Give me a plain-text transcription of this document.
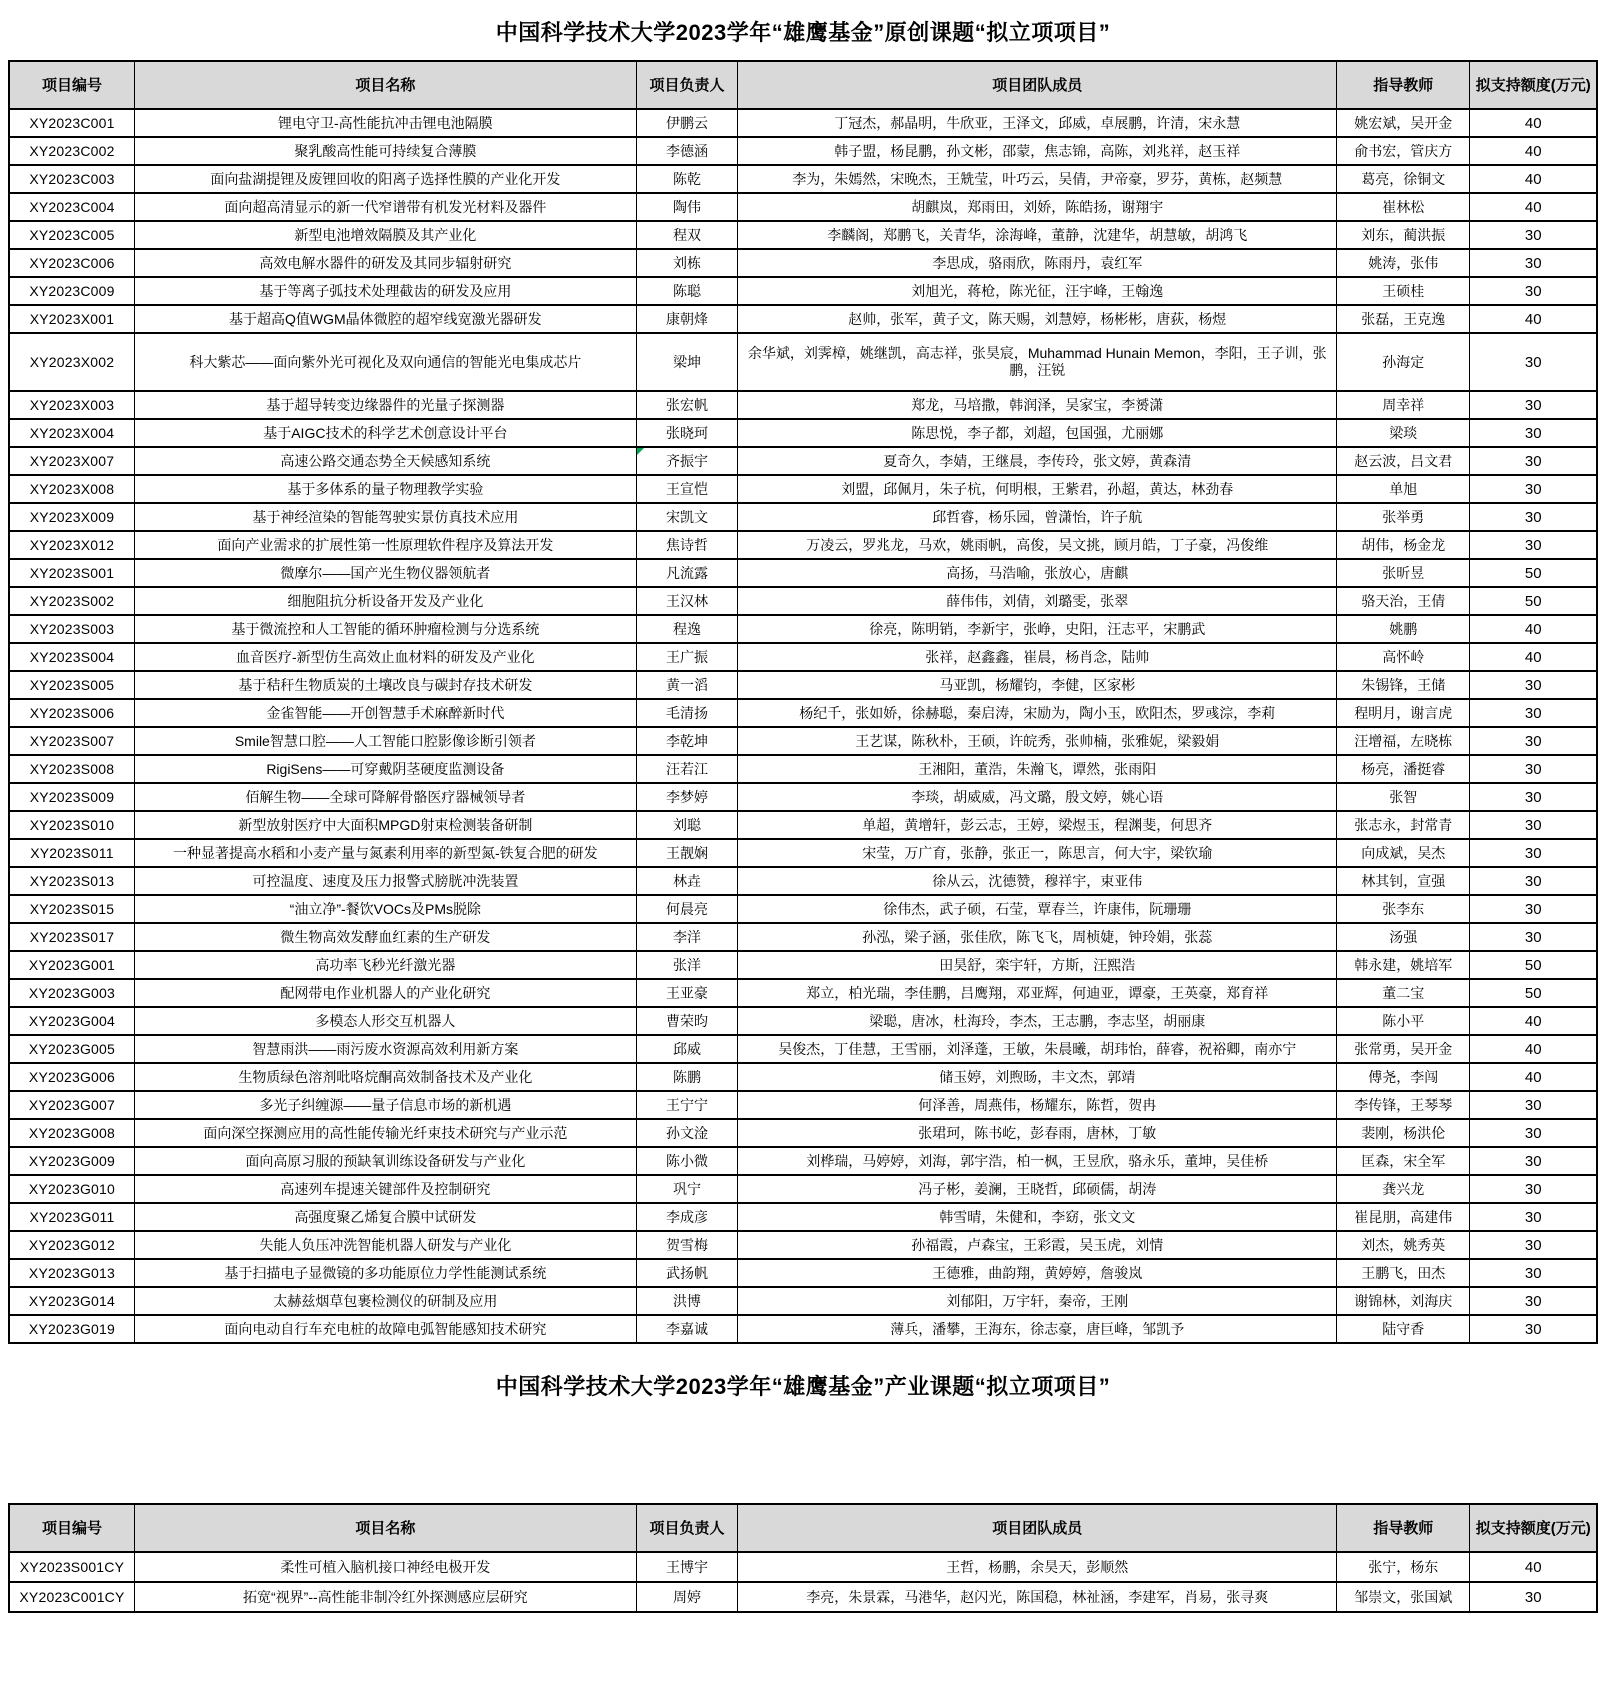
中国科学技术大学2023学年“雄鹰基金”原创课题“拟立项项目”
项目编号	项目名称	项目负责人	项目团队成员	指导教师	拟支持额度(万元)
XY2023C001	锂电守卫-高性能抗冲击锂电池隔膜	伊鹏云	丁冠杰，郝晶明，牛欣亚，王泽文，邱威，卓展鹏，许清，宋永慧	姚宏斌，吴开金	40
XY2023C002	聚乳酸高性能可持续复合薄膜	李德涵	韩子盟，杨昆鹏，孙文彬，邵蒙，焦志锦，高陈，刘兆祥，赵玉祥	俞书宏，管庆方	40
XY2023C003	面向盐湖提锂及废锂回收的阳离子选择性膜的产业化开发	陈乾	李为，朱嫣然，宋晚杰，王兟莹，叶巧云，吴倩，尹帝豪，罗芬，黄栋，赵频慧	葛亮，徐铜文	40
XY2023C004	面向超高清显示的新一代窄谱带有机发光材料及器件	陶伟	胡麒岚，郑雨田，刘娇，陈皓扬，谢翔宇	崔林松	40
XY2023C005	新型电池增效隔膜及其产业化	程双	李麟阁，郑鹏飞，关青华，涂海峰，董静，沈建华，胡慧敏，胡鸿飞	刘东，蔺洪振	30
XY2023C006	高效电解水器件的研发及其同步辐射研究	刘栋	李思成，骆雨欣，陈雨丹，袁红军	姚涛，张伟	30
XY2023C009	基于等离子弧技术处理截齿的研发及应用	陈聪	刘旭光，蒋枪，陈光征，汪宇峰，王翰逸	王硕桂	30
XY2023X001	基于超高Q值WGM晶体微腔的超窄线宽激光器研发	康朝烽	赵帅，张军，黄子文，陈天赐，刘慧婷，杨彬彬，唐荻，杨煜	张磊，王克逸	40
XY2023X002	科大紫芯——面向紫外光可视化及双向通信的智能光电集成芯片	梁坤	余华斌，刘霁樟，姚继凯，高志祥，张昊宸，Muhammad Hunain Memon，李阳，王子训，张鹏，汪锐	孙海定	30
XY2023X003	基于超导转变边缘器件的光量子探测器	张宏帆	郑龙，马培撒，韩润泽，吴家宝，李赟潇	周幸祥	30
XY2023X004	基于AIGC技术的科学艺术创意设计平台	张晓珂	陈思悦，李子都，刘超，包国强，尤丽娜	梁琰	30
XY2023X007	高速公路交通态势全天候感知系统	齐振宇	夏奇久，李婧，王继晨，李传玲，张文婷，黄森清	赵云波，吕文君	30
XY2023X008	基于多体系的量子物理教学实验	王宣恺	刘盟，邱佩月，朱子杭，何明根，王紫君，孙超，黄达，林劲春	单旭	30
XY2023X009	基于神经渲染的智能驾驶实景仿真技术应用	宋凯文	邱哲睿，杨乐园，曾潇怡，许子航	张举勇	30
XY2023X012	面向产业需求的扩展性第一性原理软件程序及算法开发	焦诗哲	万凌云，罗兆龙，马欢，姚雨帆，高俊，吴文挑，顾月皓，丁子豪，冯俊维	胡伟，杨金龙	30
XY2023S001	微摩尔——国产光生物仪器领航者	凡流露	高扬，马浩喻，张放心，唐麒	张昕昱	50
XY2023S002	细胞阻抗分析设备开发及产业化	王汉林	薛伟伟，刘倩，刘璐雯，张翠	骆天治，王倩	50
XY2023S003	基于微流控和人工智能的循环肿瘤检测与分选系统	程逸	徐亮，陈明销，李新宇，张峥，史阳，汪志平，宋鹏武	姚鹏	40
XY2023S004	血音医疗-新型仿生高效止血材料的研发及产业化	王广振	张祥，赵鑫鑫，崔晨，杨肖念，陆帅	高怀岭	40
XY2023S005	基于秸秆生物质炭的土壤改良与碳封存技术研发	黄一滔	马亚凯，杨耀钧，李健，区家彬	朱锡锋，王储	30
XY2023S006	金雀智能——开创智慧手术麻醉新时代	毛清扬	杨纪千，张如娇，徐赫聪，秦启涛，宋励为，陶小玉，欧阳杰，罗彧淙，李莉	程明月，谢言虎	30
XY2023S007	Smile智慧口腔——人工智能口腔影像诊断引领者	李乾坤	王艺谋，陈秋朴，王硕，许皖秀，张帅楠，张雅妮，梁毅娟	汪增福，左晓栋	30
XY2023S008	RigiSens——可穿戴阴茎硬度监测设备	汪若江	王湘阳，董浩，朱瀚飞，谭然，张雨阳	杨亮，潘挺睿	30
XY2023S009	佰解生物——全球可降解骨骼医疗器械领导者	李梦婷	李琰，胡威威，冯文璐，殷文婷，姚心语	张智	30
XY2023S010	新型放射医疗中大面积MPGD射束检测装备研制	刘聪	单超，黄增轩，彭云志，王婷，梁煜玉，程渊斐，何思齐	张志永，封常青	30
XY2023S011	一种显著提高水稻和小麦产量与氮素利用率的新型氮-铁复合肥的研发	王靓娴	宋莹，万广育，张静，张正一，陈思言，何大宇，梁钦瑜	向成斌，吴杰	30
XY2023S013	可控温度、速度及压力报警式膀胱冲洗装置	林垚	徐从云，沈德赞，穆祥宇，束亚伟	林其钊，宣强	30
XY2023S015	“油立净”-餐饮VOCs及PMs脱除	何晨亮	徐伟杰，武子硕，石莹，覃春兰，许康伟，阮珊珊	张李东	30
XY2023S017	微生物高效发酵血红素的生产研发	李洋	孙泓，梁子涵，张佳欣，陈飞飞，周桢婕，钟玲娟，张蕊	汤强	30
XY2023G001	高功率飞秒光纤激光器	张洋	田昊舒，栾宇轩，方斯，汪熙浩	韩永建，姚培军	50
XY2023G003	配网带电作业机器人的产业化研究	王亚豪	郑立，柏光瑞，李佳鹏，吕鹰翔，邓亚辉，何迪亚，谭豪，王英豪，郑育祥	董二宝	50
XY2023G004	多模态人形交互机器人	曹荣昀	梁聪，唐冰，杜海玲，李杰，王志鹏，李志坚，胡丽康	陈小平	40
XY2023G005	智慧雨洪——雨污废水资源高效利用新方案	邱威	吴俊杰，丁佳慧，王雪丽，刘泽蓬，王敏，朱晨曦，胡玮怡，薛睿，祝裕卿，南亦宁	张常勇，吴开金	40
XY2023G006	生物质绿色溶剂吡咯烷酮高效制备技术及产业化	陈鹏	储玉婷，刘煦旸，丰文杰，郭靖	傅尧，李闯	40
XY2023G007	多光子纠缠源——量子信息市场的新机遇	王宁宁	何泽善，周燕伟，杨耀东，陈哲，贺冉	李传锋，王琴琴	30
XY2023G008	面向深空探测应用的高性能传输光纤束技术研究与产业示范	孙文淦	张珺珂，陈书屹，彭春雨，唐林，丁敏	裴刚，杨洪伦	30
XY2023G009	面向高原习服的预缺氧训练设备研发与产业化	陈小微	刘桦瑞，马婷婷，刘海，郭宇浩，柏一枫，王昱欣，骆永乐，董坤，吴佳桥	匡森，宋全军	30
XY2023G010	高速列车提速关键部件及控制研究	巩宁	冯子彬，姜澜，王晓哲，邱硕儒，胡涛	龚兴龙	30
XY2023G011	高强度聚乙烯复合膜中试研发	李成彦	韩雪晴，朱健和，李窈，张文文	崔昆朋，高建伟	30
XY2023G012	失能人负压冲洗智能机器人研发与产业化	贺雪梅	孙福霞，卢森宝，王彩霞，吴玉虎，刘情	刘杰，姚秀英	30
XY2023G013	基于扫描电子显微镜的多功能原位力学性能测试系统	武扬帆	王德雅，曲韵翔，黄婷婷，詹骏岚	王鹏飞，田杰	30
XY2023G014	太赫兹烟草包裹检测仪的研制及应用	洪博	刘郁阳，万宇轩，秦帝，王刚	谢锦林，刘海庆	30
XY2023G019	面向电动自行车充电桩的故障电弧智能感知技术研究	李嘉诚	薄兵，潘攀，王海东，徐志豪，唐巨峰，邹凯予	陆守香	30
中国科学技术大学2023学年“雄鹰基金”产业课题“拟立项项目”
项目编号	项目名称	项目负责人	项目团队成员	指导教师	拟支持额度(万元)
XY2023S001CY	柔性可植入脑机接口神经电极开发	王博宇	王哲，杨鹏，余昊天，彭顺然	张宁，杨东	40
XY2023C001CY	拓宽“视界”--高性能非制冷红外探测感应层研究	周婷	李亮，朱景霖，马港华，赵闪光，陈国稳，林祉涵，李建军，肖易，张寻爽	邹崇文，张国斌	30
